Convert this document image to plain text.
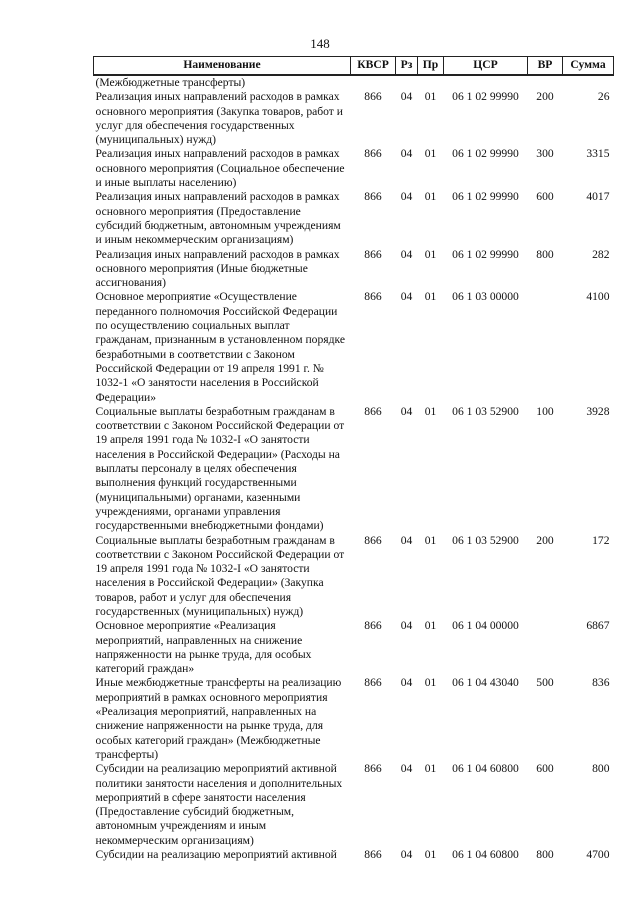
148
Наименование	КВСР	Рз	Пр	ЦСР	ВР	Сумма
(Межбюджетные трансферты)						
Реализация иных направлений расходов в рамках основного мероприятия (Закупка товаров, работ и услуг для обеспечения государственных (муниципальных) нужд)	866	04	01	06 1 02 99990	200	26
Реализация иных направлений расходов в рамках основного мероприятия (Социальное обеспечение и иные выплаты населению)	866	04	01	06 1 02 99990	300	3315
Реализация иных направлений расходов в рамках основного мероприятия (Предоставление субсидий бюджетным, автономным учреждениям и иным некоммерческим организациям)	866	04	01	06 1 02 99990	600	4017
Реализация иных направлений расходов в рамках основного мероприятия (Иные бюджетные ассигнования)	866	04	01	06 1 02 99990	800	282
Основное мероприятие «Осуществление переданного полномочия Российской Федерации по осуществлению социальных выплат гражданам, признанным в установленном порядке безработными в соответствии с Законом Российской Федерации от 19 апреля 1991 г. № 1032-1 «О занятости населения в Российской Федерации»	866	04	01	06 1 03 00000		4100
Социальные выплаты безработным гражданам в соответствии с Законом Российской Федерации от 19 апреля 1991 года № 1032-I «О занятости населения в Российской Федерации» (Расходы на выплаты персоналу в целях обеспечения выполнения функций государственными (муниципальными) органами, казенными учреждениями, органами управления государственными внебюджетными фондами)	866	04	01	06 1 03 52900	100	3928
Социальные выплаты безработным гражданам в соответствии с Законом Российской Федерации от 19 апреля 1991 года № 1032-I «О занятости населения в Российской Федерации» (Закупка товаров, работ и услуг для обеспечения государственных (муниципальных) нужд)	866	04	01	06 1 03 52900	200	172
Основное мероприятие «Реализация мероприятий, направленных на снижение напряженности на рынке труда, для особых категорий граждан»	866	04	01	06 1 04 00000		6867
Иные межбюджетные трансферты на реализацию мероприятий в рамках основного мероприятия «Реализация мероприятий, направленных на снижение напряженности на рынке труда, для особых категорий граждан» (Межбюджетные трансферты)	866	04	01	06 1 04 43040	500	836
Субсидии на реализацию мероприятий активной политики занятости населения и дополнительных мероприятий в сфере занятости населения (Предоставление субсидий бюджетным, автономным учреждениям и иным некоммерческим организациям)	866	04	01	06 1 04 60800	600	800
Субсидии на реализацию мероприятий активной	866	04	01	06 1 04 60800	800	4700
